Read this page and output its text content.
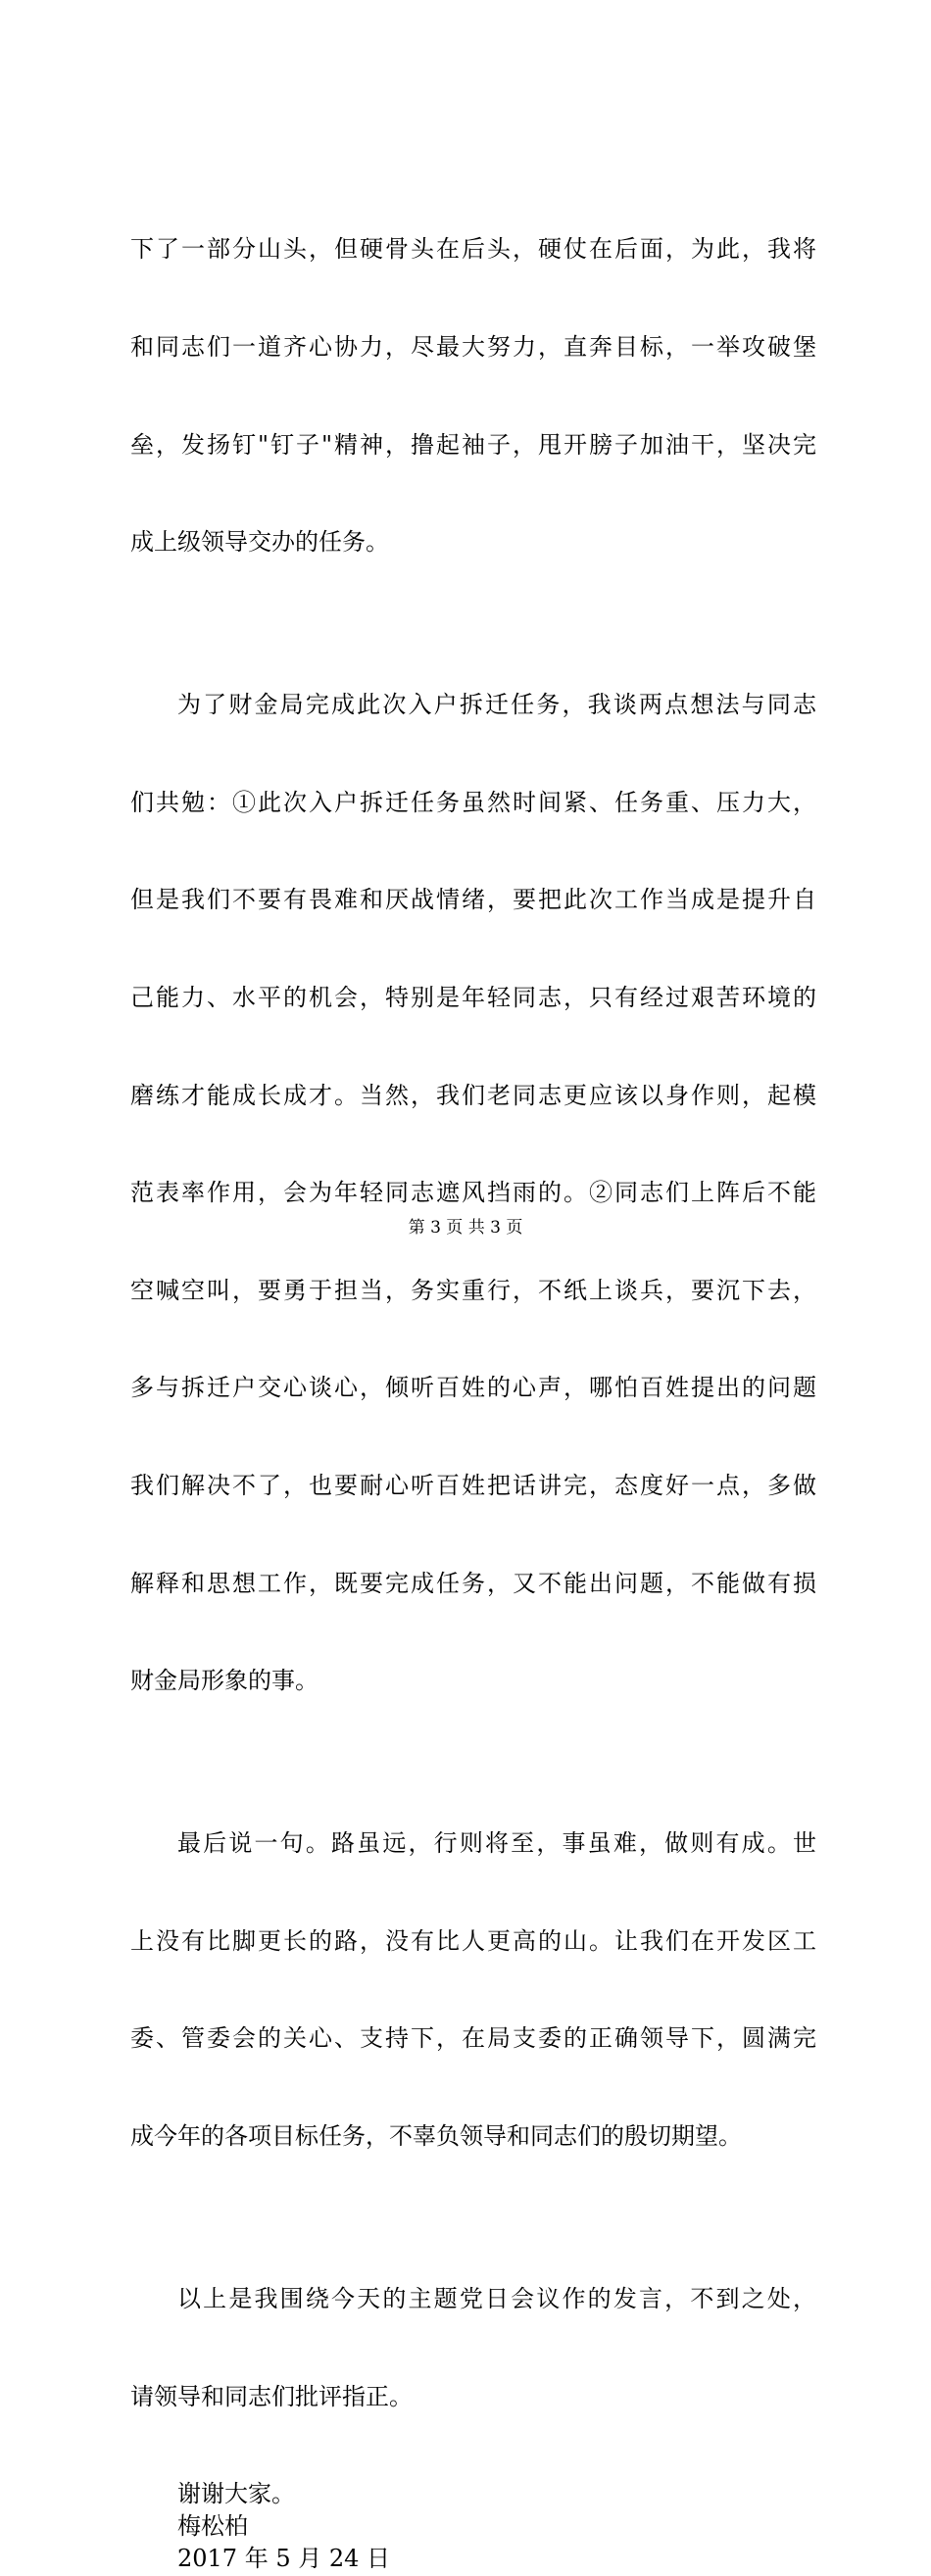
下了一部分山头，但硬骨头在后头，硬仗在后面，为此，我将

和同志们一道齐心协力，尽最大努力，直奔目标，一举攻破堡

垒，发扬钉"钉子"精神，撸起袖子，甩开膀子加油干，坚决完

成上级领导交办的任务。

为了财金局完成此次入户拆迁任务，我谈两点想法与同志

们共勉：①此次入户拆迁任务虽然时间紧、任务重、压力大，

但是我们不要有畏难和厌战情绪，要把此次工作当成是提升自

己能力、水平的机会，特别是年轻同志，只有经过艰苦环境的

磨练才能成长成才。当然，我们老同志更应该以身作则，起模

范表率作用，会为年轻同志遮风挡雨的。②同志们上阵后不能

空喊空叫，要勇于担当，务实重行，不纸上谈兵，要沉下去，

多与拆迁户交心谈心，倾听百姓的心声，哪怕百姓提出的问题

我们解决不了，也要耐心听百姓把话讲完，态度好一点，多做

解释和思想工作，既要完成任务，又不能出问题，不能做有损

财金局形象的事。

最后说一句。路虽远，行则将至，事虽难，做则有成。世

上没有比脚更长的路，没有比人更高的山。让我们在开发区工

委、管委会的关心、支持下，在局支委的正确领导下，圆满完

成今年的各项目标任务，不辜负领导和同志们的殷切期望。

以上是我围绕今天的主题党日会议作的发言，不到之处，

请领导和同志们批评指正。

谢谢大家。
梅松柏
2017 年 5 月 24 日
第 3 页 共 3 页
